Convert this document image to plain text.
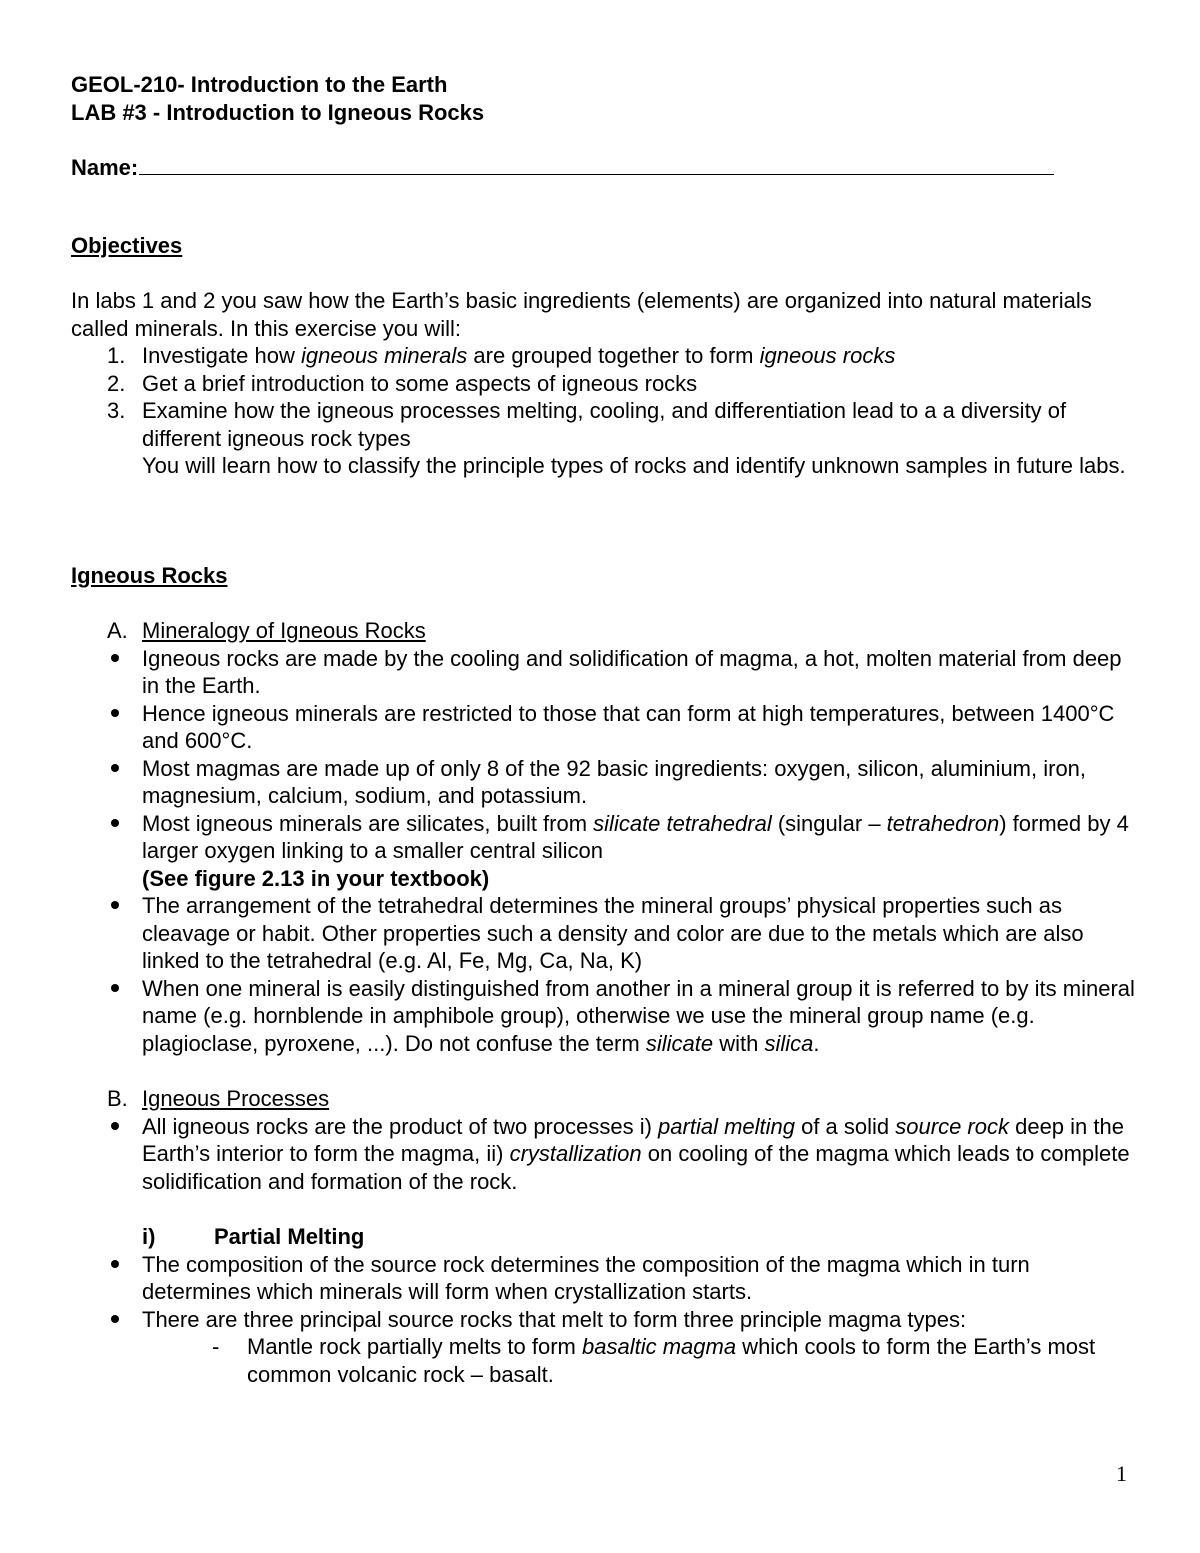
GEOL-210- Introduction to the Earth
LAB #3 - Introduction to Igneous Rocks
Name:
Objectives

In labs 1 and 2 you saw how the Earth’s basic ingredients (elements) are organized into natural materials called minerals. In this exercise you will:

1. Investigate how igneous minerals are grouped together to form igneous rocks
2. Get a brief introduction to some aspects of igneous rocks
3. Examine how the igneous processes melting, cooling, and differentiation lead to a a diversity of different igneous rock types
You will learn how to classify the principle types of rocks and identify unknown samples in future labs.
Igneous Rocks
A. Mineralogy of Igneous Rocks
Igneous rocks are made by the cooling and solidification of magma, a hot, molten material from deep in the Earth.
Hence igneous minerals are restricted to those that can form at high temperatures, between 1400°C and 600°C.
Most magmas are made up of only 8 of the 92 basic ingredients: oxygen, silicon, aluminium, iron, magnesium, calcium, sodium, and potassium.
Most igneous minerals are silicates, built from silicate tetrahedral (singular – tetrahedron) formed by 4 larger oxygen linking to a smaller central silicon
(See figure 2.13 in your textbook)
The arrangement of the tetrahedral determines the mineral groups’ physical properties such as cleavage or habit. Other properties such a density and color are due to the metals which are also linked to the tetrahedral (e.g. Al, Fe, Mg, Ca, Na, K)
When one mineral is easily distinguished from another in a mineral group it is referred to by its mineral name (e.g. hornblende in amphibole group), otherwise we use the mineral group name (e.g. plagioclase, pyroxene, ...). Do not confuse the term silicate with silica.
B. Igneous Processes
All igneous rocks are the product of two processes i) partial melting of a solid source rock deep in the Earth’s interior to form the magma, ii) crystallization on cooling of the magma which leads to complete solidification and formation of the rock.
i)	Partial Melting
The composition of the source rock determines the composition of the magma which in turn determines which minerals will form when crystallization starts.
There are three principal source rocks that melt to form three principle magma types:
- Mantle rock partially melts to form basaltic magma which cools to form the Earth’s most common volcanic rock – basalt.
1
